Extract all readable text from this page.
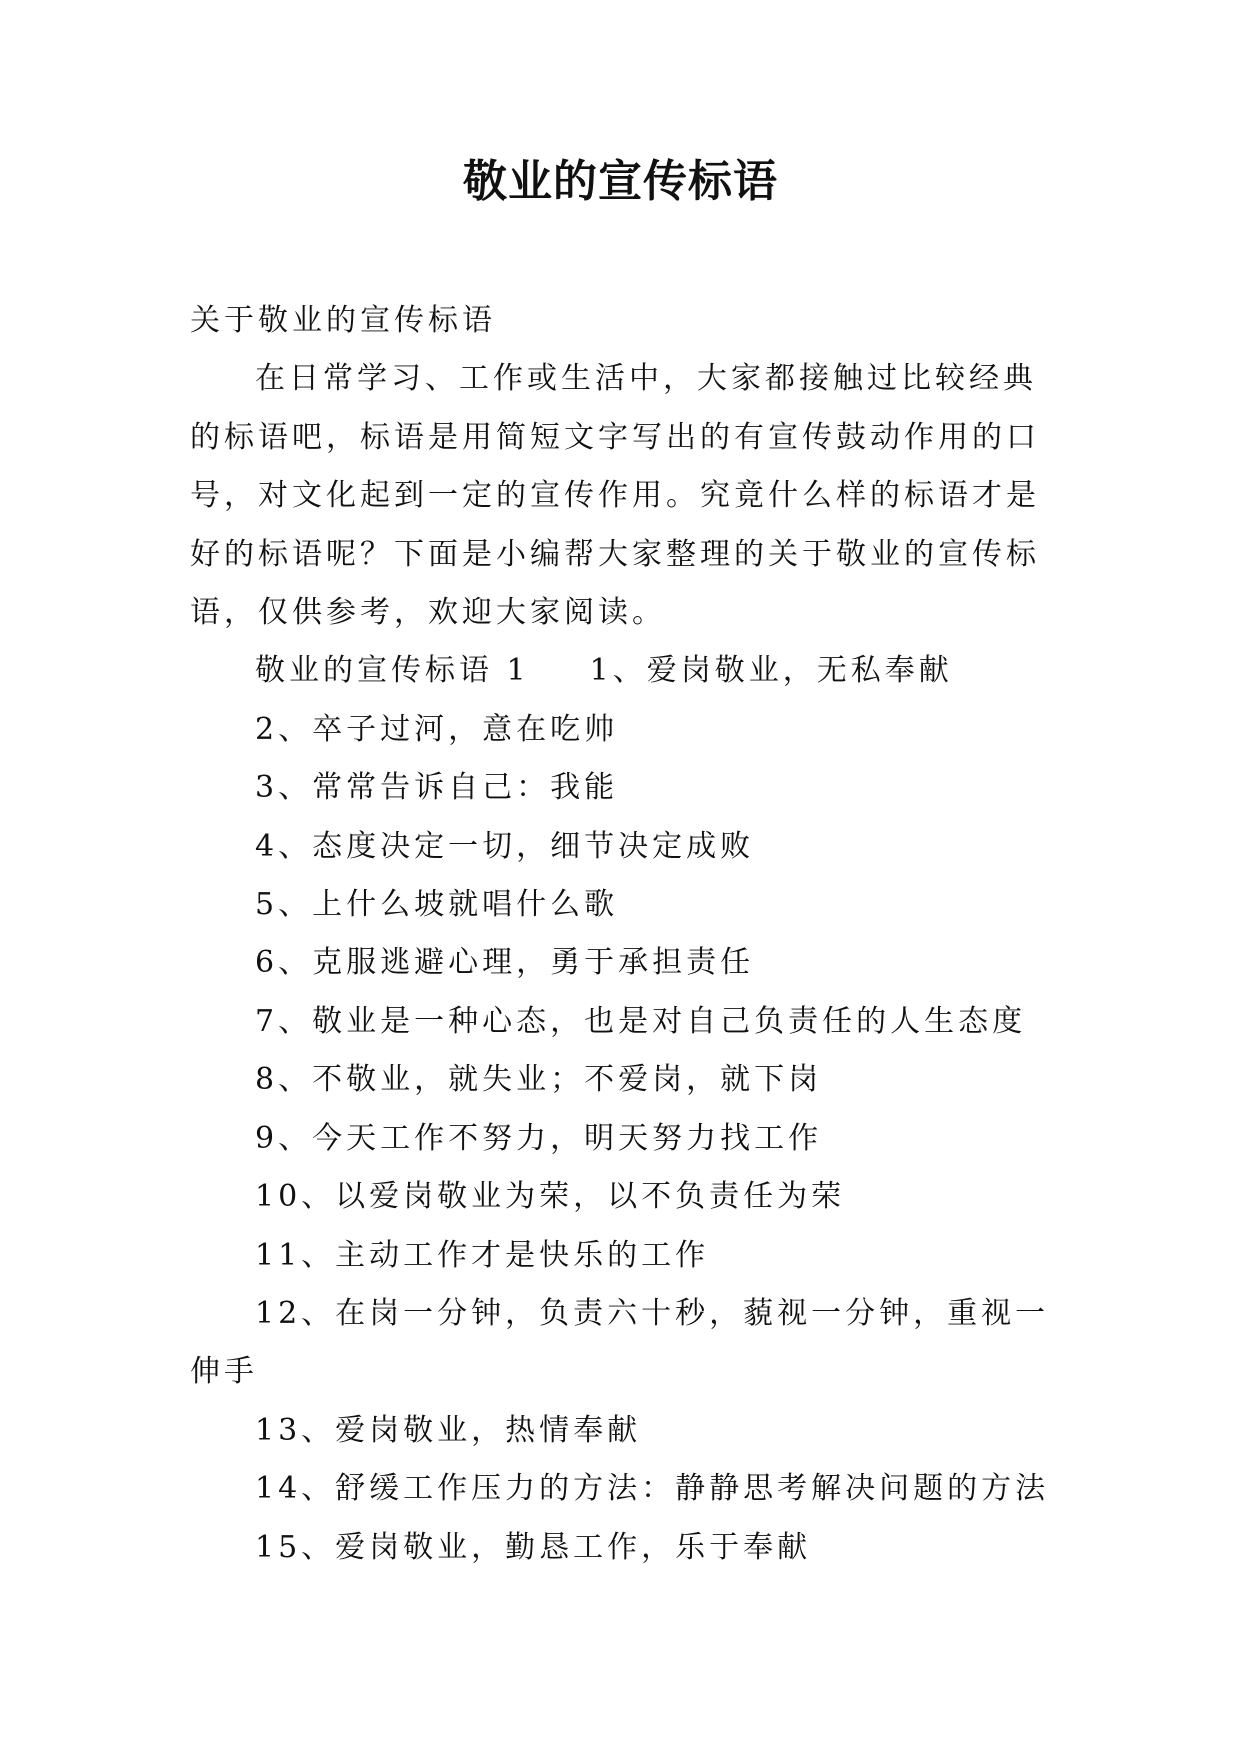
敬业的宣传标语

关于敬业的宣传标语

在日常学习、工作或生活中，大家都接触过比较经典的标语吧，标语是用简短文字写出的有宣传鼓动作用的口号，对文化起到一定的宣传作用。究竟什么样的标语才是好的标语呢？下面是小编帮大家整理的关于敬业的宣传标语，仅供参考，欢迎大家阅读。

敬业的宣传标语 1 1、爱岗敬业，无私奉献

2、卒子过河，意在吃帅

3、常常告诉自己：我能

4、态度决定一切，细节决定成败

5、上什么坡就唱什么歌

6、克服逃避心理，勇于承担责任

7、敬业是一种心态，也是对自己负责任的人生态度

8、不敬业，就失业；不爱岗，就下岗

9、今天工作不努力，明天努力找工作

10、以爱岗敬业为荣，以不负责任为荣

11、主动工作才是快乐的工作

12、在岗一分钟，负责六十秒，藐视一分钟，重视一伸手

13、爱岗敬业，热情奉献

14、舒缓工作压力的方法：静静思考解决问题的方法

15、爱岗敬业，勤恳工作，乐于奉献
